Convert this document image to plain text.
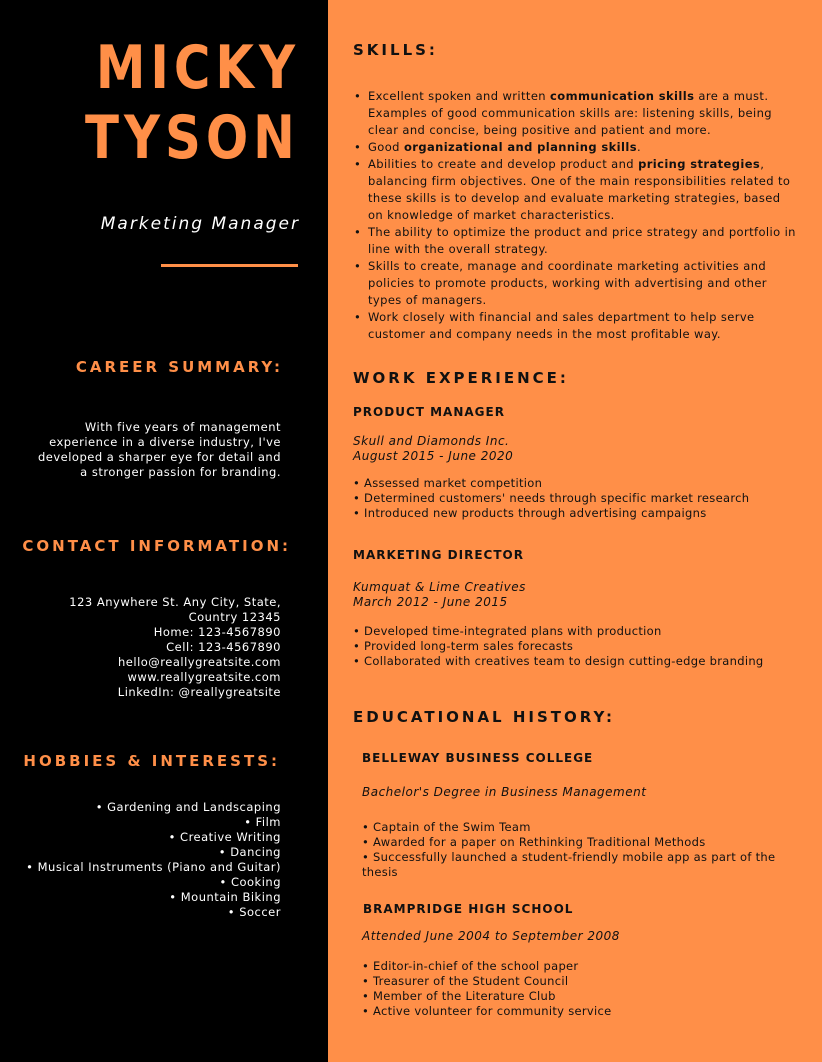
MICKY
TYSON
Marketing Manager
CAREER SUMMARY:
With five years of management
experience in a diverse industry, I've
developed a sharper eye for detail and
a stronger passion for branding.
CONTACT INFORMATION:
123 Anywhere St. Any City, State,
Country 12345
Home: 123-4567890
Cell: 123-4567890
hello@reallygreatsite.com
www.reallygreatsite.com
LinkedIn: @reallygreatsite
HOBBIES & INTERESTS:
• Gardening and Landscaping
• Film
• Creative Writing
• Dancing
• Musical Instruments (Piano and Guitar)
• Cooking
• Mountain Biking
• Soccer
SKILLS:
• Excellent spoken and written communication skills are a must. Examples of good communication skills are: listening skills, being clear and concise, being positive and patient and more.
• Good organizational and planning skills.
• Abilities to create and develop product and pricing strategies, balancing firm objectives. One of the main responsibilities related to these skills is to develop and evaluate marketing strategies, based on knowledge of market characteristics.
• The ability to optimize the product and price strategy and portfolio in line with the overall strategy.
• Skills to create, manage and coordinate marketing activities and policies to promote products, working with advertising and other types of managers.
• Work closely with financial and sales department to help serve customer and company needs in the most profitable way.
WORK EXPERIENCE:
PRODUCT MANAGER
Skull and Diamonds Inc.
August 2015 - June 2020
• Assessed market competition
• Determined customers' needs through specific market research
• Introduced new products through advertising campaigns
MARKETING DIRECTOR
Kumquat & Lime Creatives
March 2012 - June 2015
• Developed time-integrated plans with production
• Provided long-term sales forecasts
• Collaborated with creatives team to design cutting-edge branding
EDUCATIONAL HISTORY:
BELLEWAY BUSINESS COLLEGE
Bachelor's Degree in Business Management
• Captain of the Swim Team
• Awarded for a paper on Rethinking Traditional Methods
• Successfully launched a student-friendly mobile app as part of the
thesis
BRAMPRIDGE HIGH SCHOOL
Attended June 2004 to September 2008
• Editor-in-chief of the school paper
• Treasurer of the Student Council
• Member of the Literature Club
• Active volunteer for community service
